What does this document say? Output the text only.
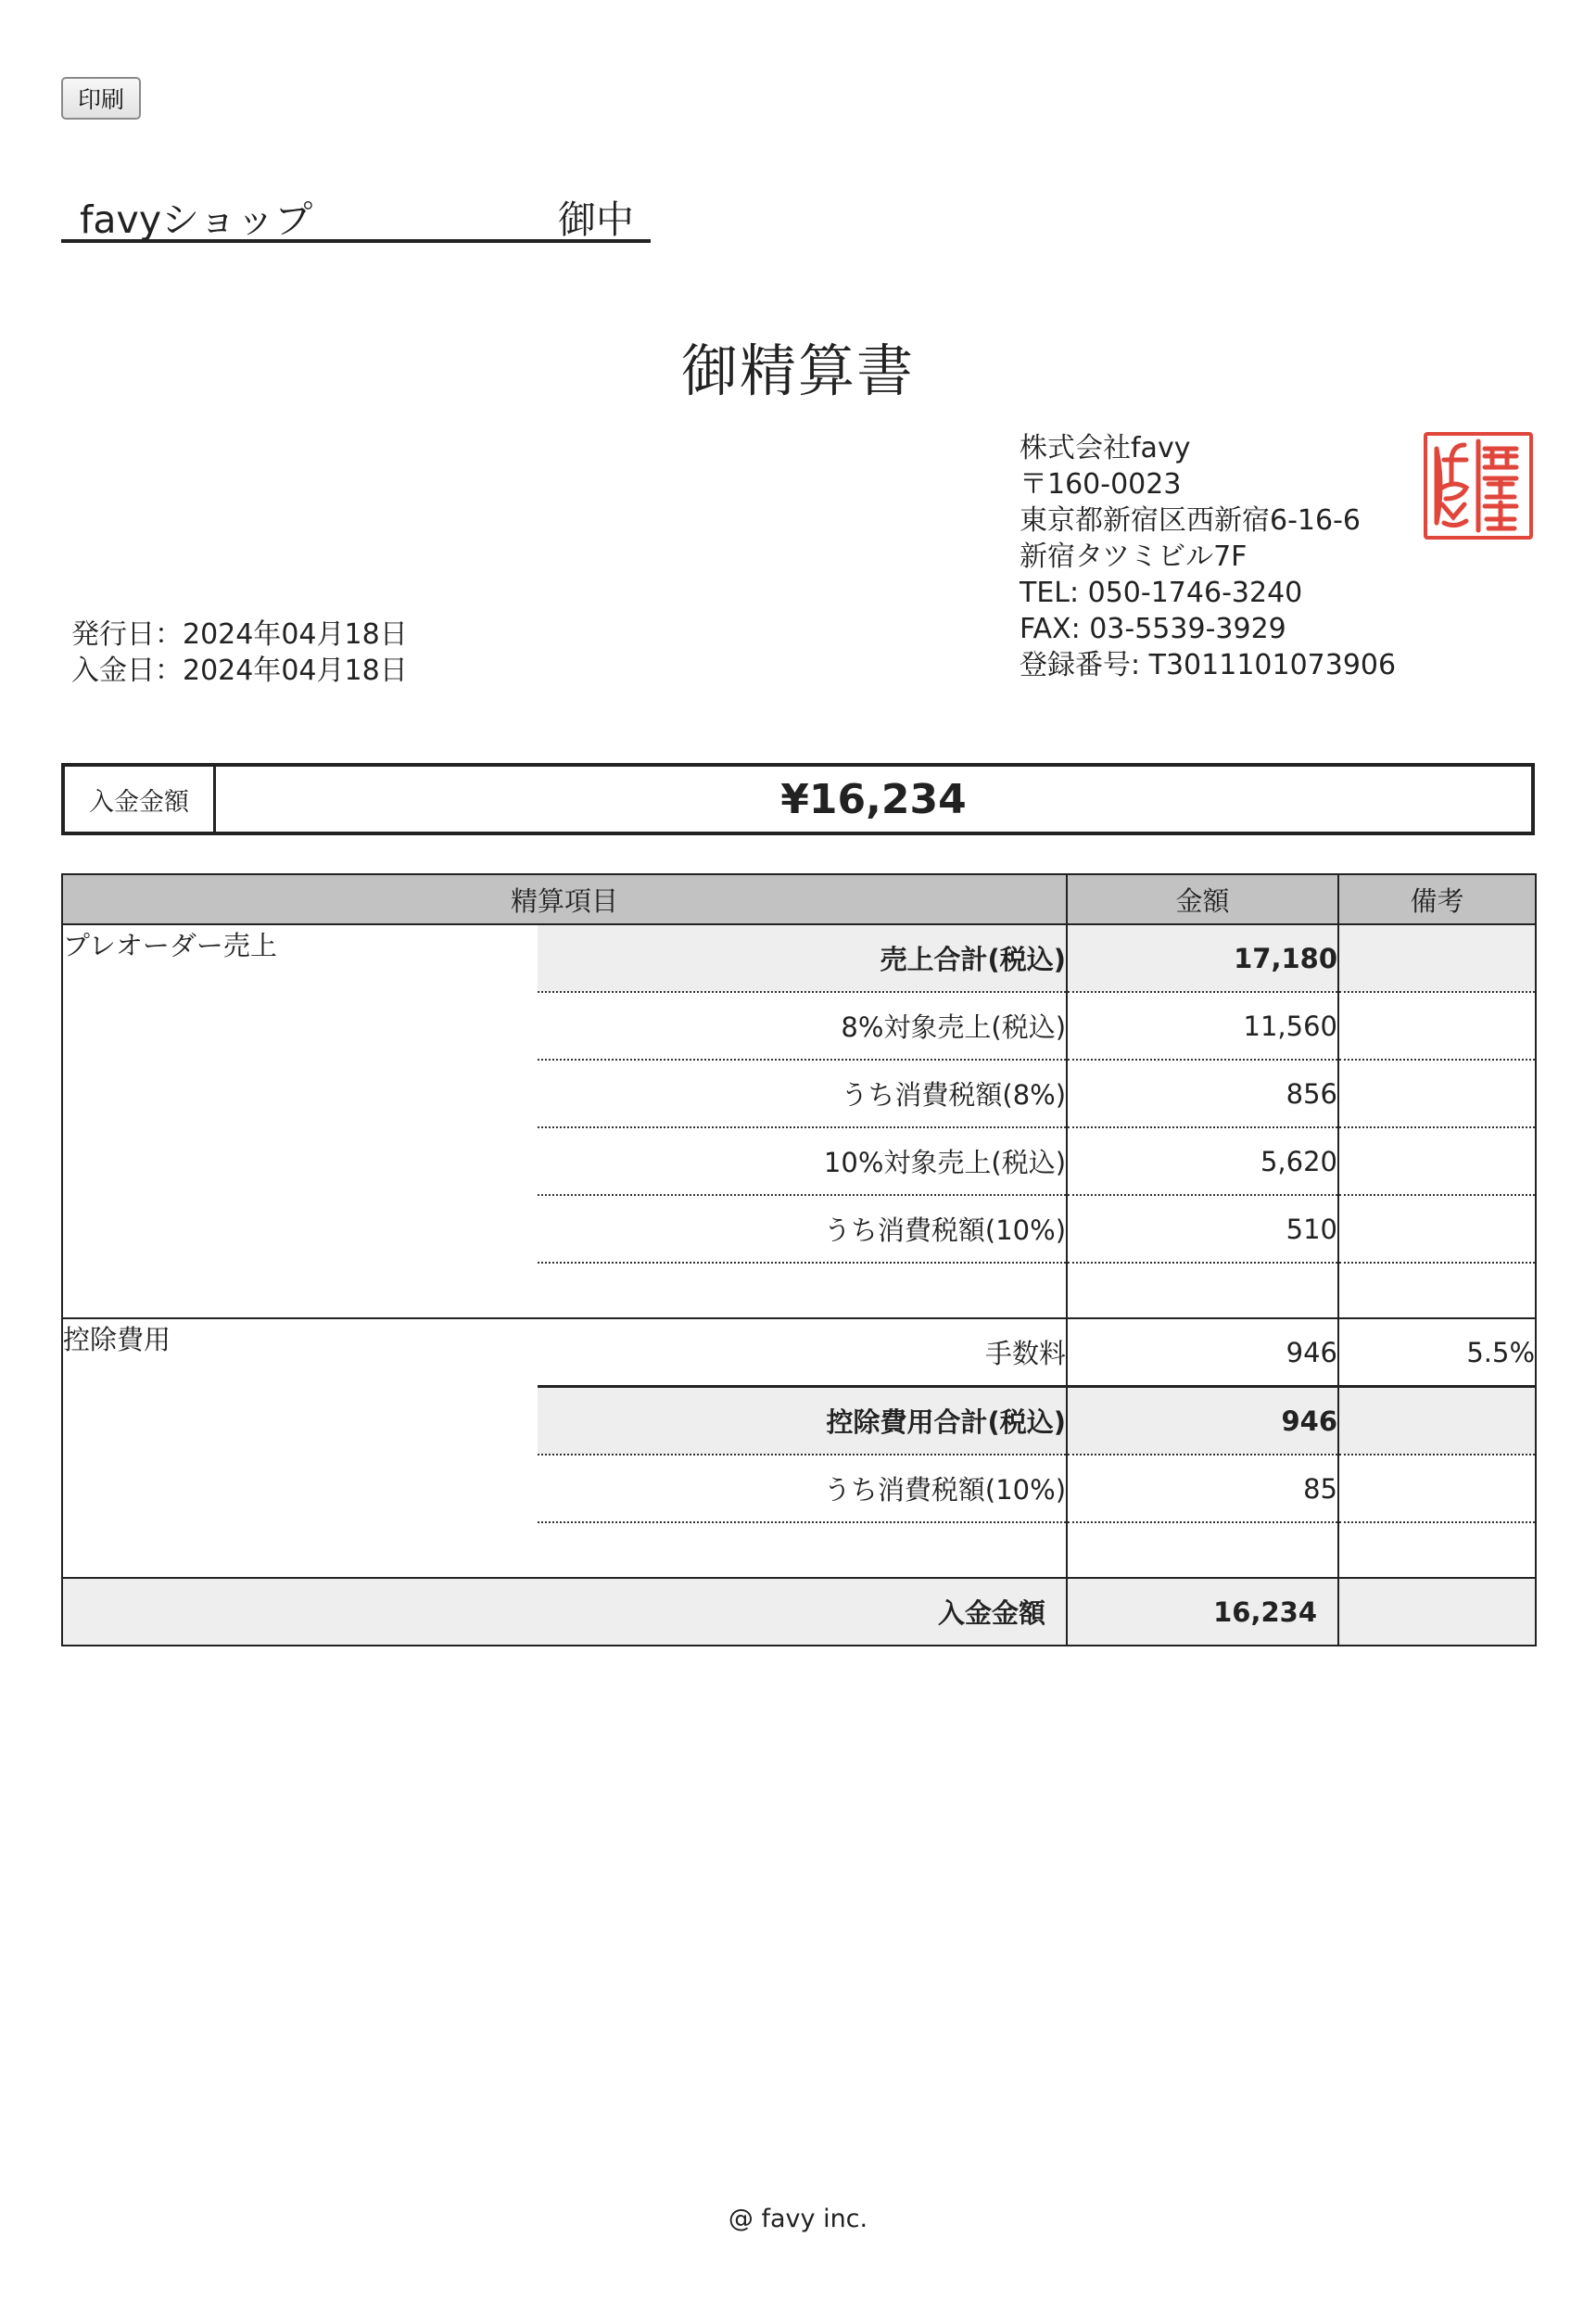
印刷
favyショップ	御中
御精算書
株式会社favy
〒160-0023
東京都新宿区西新宿6-16-6
新宿タツミビル7F
TEL: 050-1746-3240
FAX: 03-5539-3929
登録番号: T3011101073906
発行日：2024年04月18日
入金日：2024年04月18日
入金金額	¥16,234
精算項目		金額	備考
プレオーダー売上	売上合計(税込)	17,180	
	8%対象売上(税込)	11,560	
	うち消費税額(8%)	856	
	10%対象売上(税込)	5,620	
	うち消費税額(10%)	510	

控除費用	手数料	946	5.5%
	控除費用合計(税込)	946	
	うち消費税額(10%)	85	

入金金額		16,234	
@ favy inc.
